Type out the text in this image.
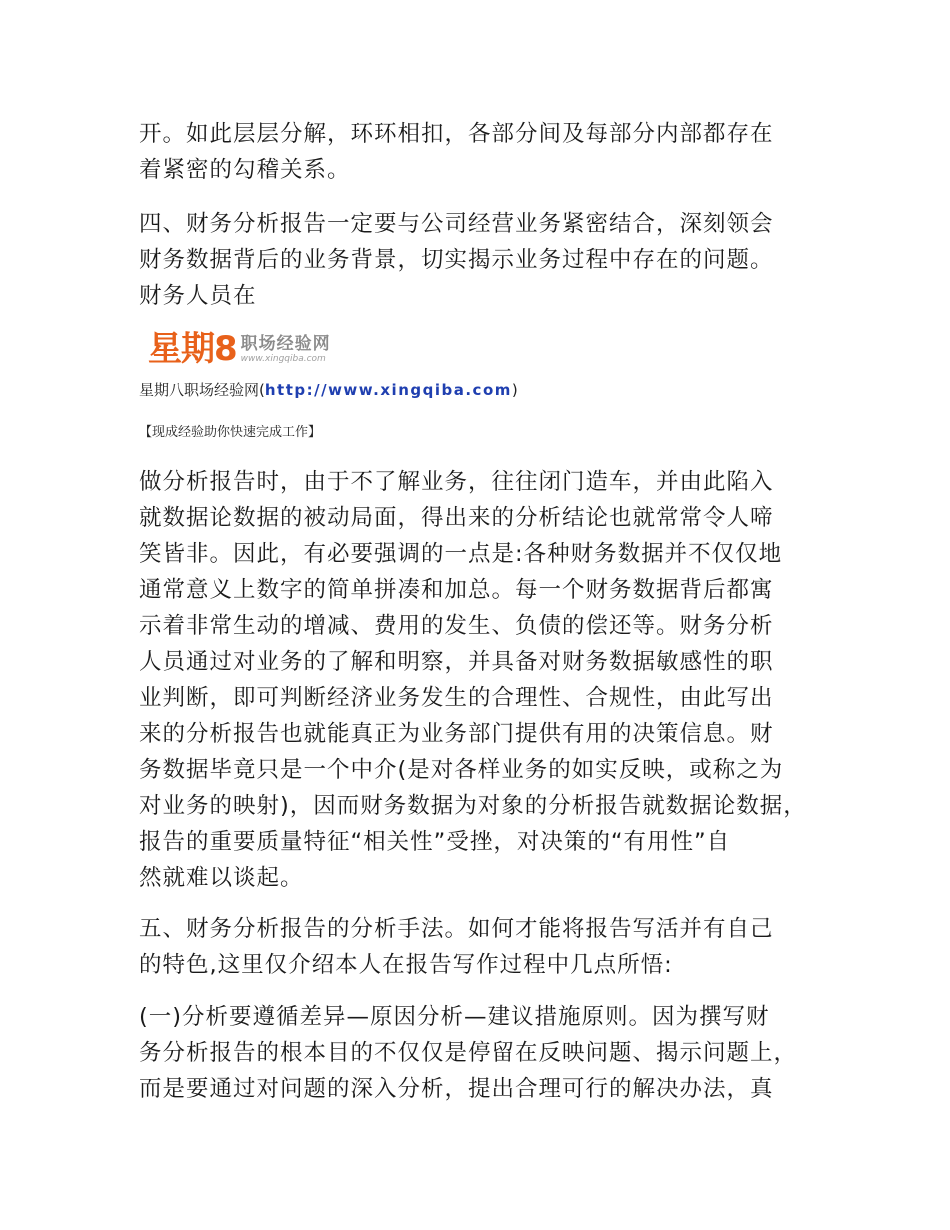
开。如此层层分解，环环相扣，各部分间及每部分内部都存在
着紧密的勾稽关系。
四、财务分析报告一定要与公司经营业务紧密结合，深刻领会
财务数据背后的业务背景，切实揭示业务过程中存在的问题。
财务人员在
星期8 职场经验网
www.xingqiba.com
星期八职场经验网(http://www.xingqiba.com)
【现成经验助你快速完成工作】
做分析报告时，由于不了解业务，往往闭门造车，并由此陷入
就数据论数据的被动局面，得出来的分析结论也就常常令人啼
笑皆非。因此，有必要强调的一点是:各种财务数据并不仅仅地
通常意义上数字的简单拼凑和加总。每一个财务数据背后都寓
示着非常生动的增减、费用的发生、负债的偿还等。财务分析
人员通过对业务的了解和明察，并具备对财务数据敏感性的职
业判断，即可判断经济业务发生的合理性、合规性，由此写出
来的分析报告也就能真正为业务部门提供有用的决策信息。财
务数据毕竟只是一个中介(是对各样业务的如实反映，或称之为
对业务的映射)，因而财务数据为对象的分析报告就数据论数据，
报告的重要质量特征“相关性”受挫，对决策的“有用性”自
然就难以谈起。
五、财务分析报告的分析手法。如何才能将报告写活并有自己
的特色,这里仅介绍本人在报告写作过程中几点所悟:
(一)分析要遵循差异—原因分析—建议措施原则。因为撰写财
务分析报告的根本目的不仅仅是停留在反映问题、揭示问题上，
而是要通过对问题的深入分析，提出合理可行的解决办法，真
